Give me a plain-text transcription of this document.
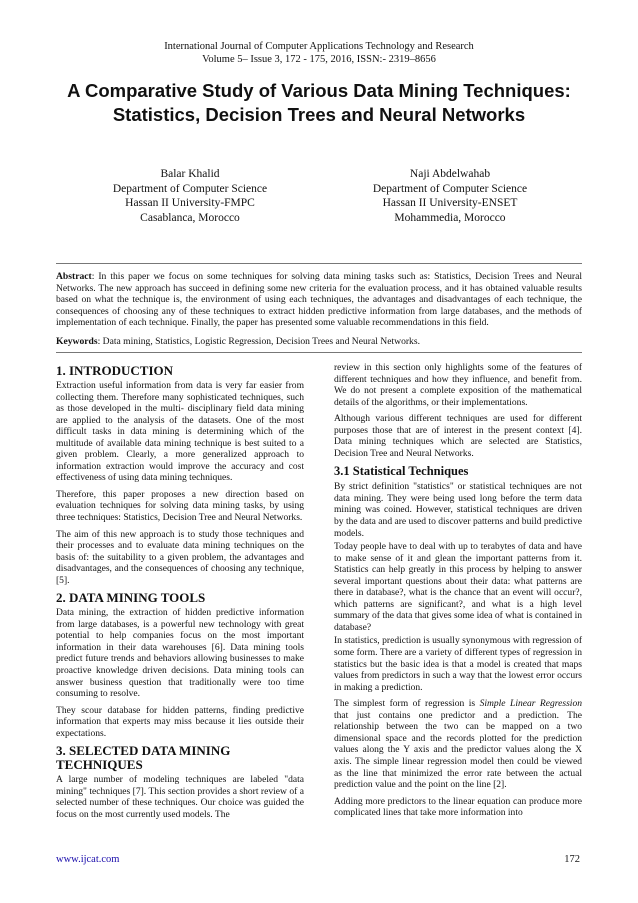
International Journal of Computer Applications Technology and Research
Volume 5– Issue 3, 172 - 175, 2016, ISSN:- 2319–8656
A Comparative Study of Various Data Mining Techniques: Statistics, Decision Trees and Neural Networks
Balar Khalid
Department of Computer Science
Hassan II University-FMPC
Casablanca, Morocco
Naji Abdelwahab
Department of Computer Science
Hassan II University-ENSET
Mohammedia, Morocco
Abstract: In this paper we focus on some techniques for solving data mining tasks such as: Statistics, Decision Trees and Neural Networks. The new approach has succeed in defining some new criteria for the evaluation process, and it has obtained valuable results based on what the technique is, the environment of using each techniques, the advantages and disadvantages of each technique, the consequences of choosing any of these techniques to extract hidden predictive information from large databases, and the methods of implementation of each technique. Finally, the paper has presented some valuable recommendations in this field.
Keywords: Data mining, Statistics, Logistic Regression, Decision Trees and Neural Networks.
1. INTRODUCTION

Extraction useful information from data is very far easier from collecting them. Therefore many sophisticated techniques, such as those developed in the multi- disciplinary field data mining are applied to the analysis of the datasets. One of the most difficult tasks in data mining is determining which of the multitude of available data mining technique is best suited to a given problem. Clearly, a more generalized approach to information extraction would improve the accuracy and cost effectiveness of using data mining techniques.

Therefore, this paper proposes a new direction based on evaluation techniques for solving data mining tasks, by using three techniques: Statistics, Decision Tree and Neural Networks.

The aim of this new approach is to study those techniques and their processes and to evaluate data mining techniques on the basis of: the suitability to a given problem, the advantages and disadvantages, and the consequences of choosing any technique, [5].

2. DATA MINING TOOLS

Data mining, the extraction of hidden predictive information from large databases, is a powerful new technology with great potential to help companies focus on the most important information in their data warehouses [6]. Data mining tools predict future trends and behaviors allowing businesses to make proactive knowledge driven decisions. Data mining tools can answer business question that traditionally were too time consuming to resolve.

They scour database for hidden patterns, finding predictive information that experts may miss because it lies outside their expectations.

3. SELECTED DATA MINING TECHNIQUES

A large number of modeling techniques are labeled "data mining" techniques [7]. This section provides a short review of a selected number of these techniques. Our choice was guided the focus on the most currently used models. The

review in this section only highlights some of the features of different techniques and how they influence, and benefit from. We do not present a complete exposition of the mathematical details of the algorithms, or their implementations.

Although various different techniques are used for different purposes those that are of interest in the present context [4]. Data mining techniques which are selected are Statistics, Decision Tree and Neural Networks.

3.1 Statistical Techniques

By strict definition "statistics" or statistical techniques are not data mining. They were being used long before the term data mining was coined. However, statistical techniques are driven by the data and are used to discover patterns and build predictive models.

Today people have to deal with up to terabytes of data and have to make sense of it and glean the important patterns from it. Statistics can help greatly in this process by helping to answer several important questions about their data: what patterns are there in database?, what is the chance that an event will occur?, which patterns are significant?, and what is a high level summary of the data that gives some idea of what is contained in database?

In statistics, prediction is usually synonymous with regression of some form. There are a variety of different types of regression in statistics but the basic idea is that a model is created that maps values from predictors in such a way that the lowest error occurs in making a prediction.

The simplest form of regression is Simple Linear Regression that just contains one predictor and a prediction. The relationship between the two can be mapped on a two dimensional space and the records plotted for the prediction values along the Y axis and the predictor values along the X axis. The simple linear regression model then could be viewed as the line that minimized the error rate between the actual prediction value and the point on the line [2].

Adding more predictors to the linear equation can produce more complicated lines that take more information into

www.ijcat.com	172
